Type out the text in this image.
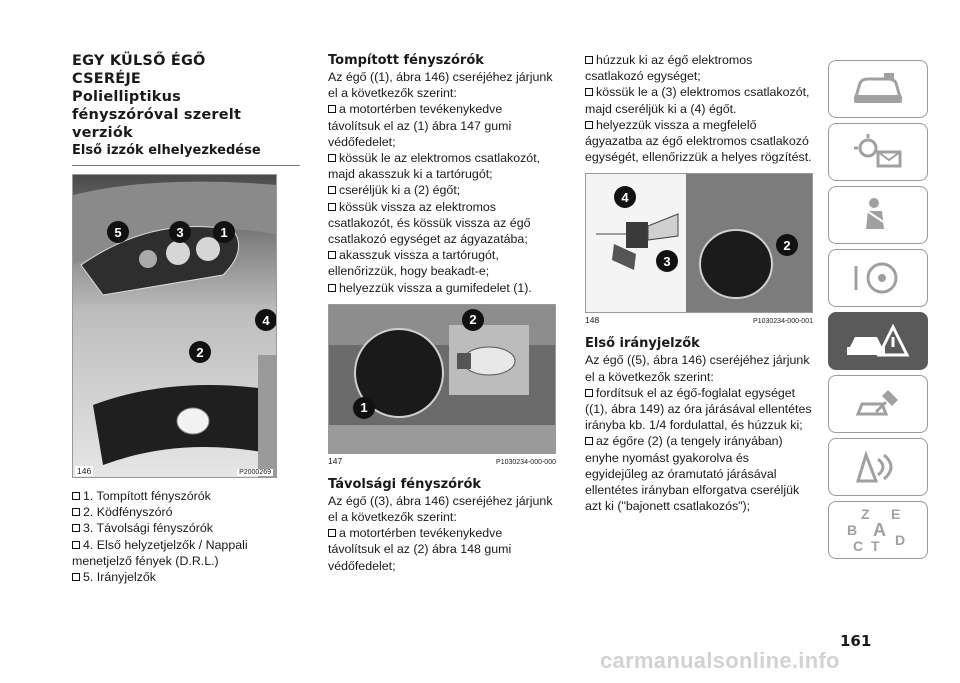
EGY KÜLSŐ ÉGŐ
CSERÉJE
Polielliptikus
fényszóróval szerelt
verziók
Első izzók elhelyezkedése
5	3	1
4
2
146	P2000269
1. Tompított fényszórók
2. Ködfényszóró
3. Távolsági fényszórók
4. Első helyzetjelzők / Nappali menetjelző fények (D.R.L.)
5. Irányjelzők
Tompított fényszórók
Az égő ((1), ábra 146) cseréjéhez járjunk el a következők szerint:
a motortérben tevékenykedve távolítsuk el az (1) ábra 147 gumi védőfedelet;
kössük le az elektromos csatlakozót, majd akasszuk ki a tartórugót;
cseréljük ki a (2) égőt;
kössük vissza az elektromos csatlakozót, és kössük vissza az égő csatlakozó egységet az ágyazatába;
akasszuk vissza a tartórugót, ellenőrizzük, hogy beakadt-e;
helyezzük vissza a gumifedelet (1).
2
1
147	P1030234-000-000
Távolsági fényszórók
Az égő ((3), ábra 146) cseréjéhez járjunk el a következők szerint:
a motortérben tevékenykedve távolítsuk el az (2) ábra 148 gumi védőfedelet;
húzzuk ki az égő elektromos csatlakozó egységet;
kössük le a (3) elektromos csatlakozót, majd cseréljük ki a (4) égőt.
helyezzük vissza a megfelelő ágyazatba az égő elektromos csatlakozó egységét, ellenőrizzük a helyes rögzítést.
4
3
2
148	P1030234-000-001
Első irányjelzők
Az égő ((5), ábra 146) cseréjéhez járjunk el a következők szerint:
fordítsuk el az égő-foglalat egységet ((1), ábra 149) az óra járásával ellentétes irányba kb. 1/4 fordulattal, és húzzuk ki;
az égőre (2) (a tengely irányában) enyhe nyomást gyakorolva és egyidejűleg az óramutató járásával ellentétes irányban elforgatva cseréljük azt ki ("bajonett csatlakozós");	Z E
B A
C T D
161
carmanualsonline.info
